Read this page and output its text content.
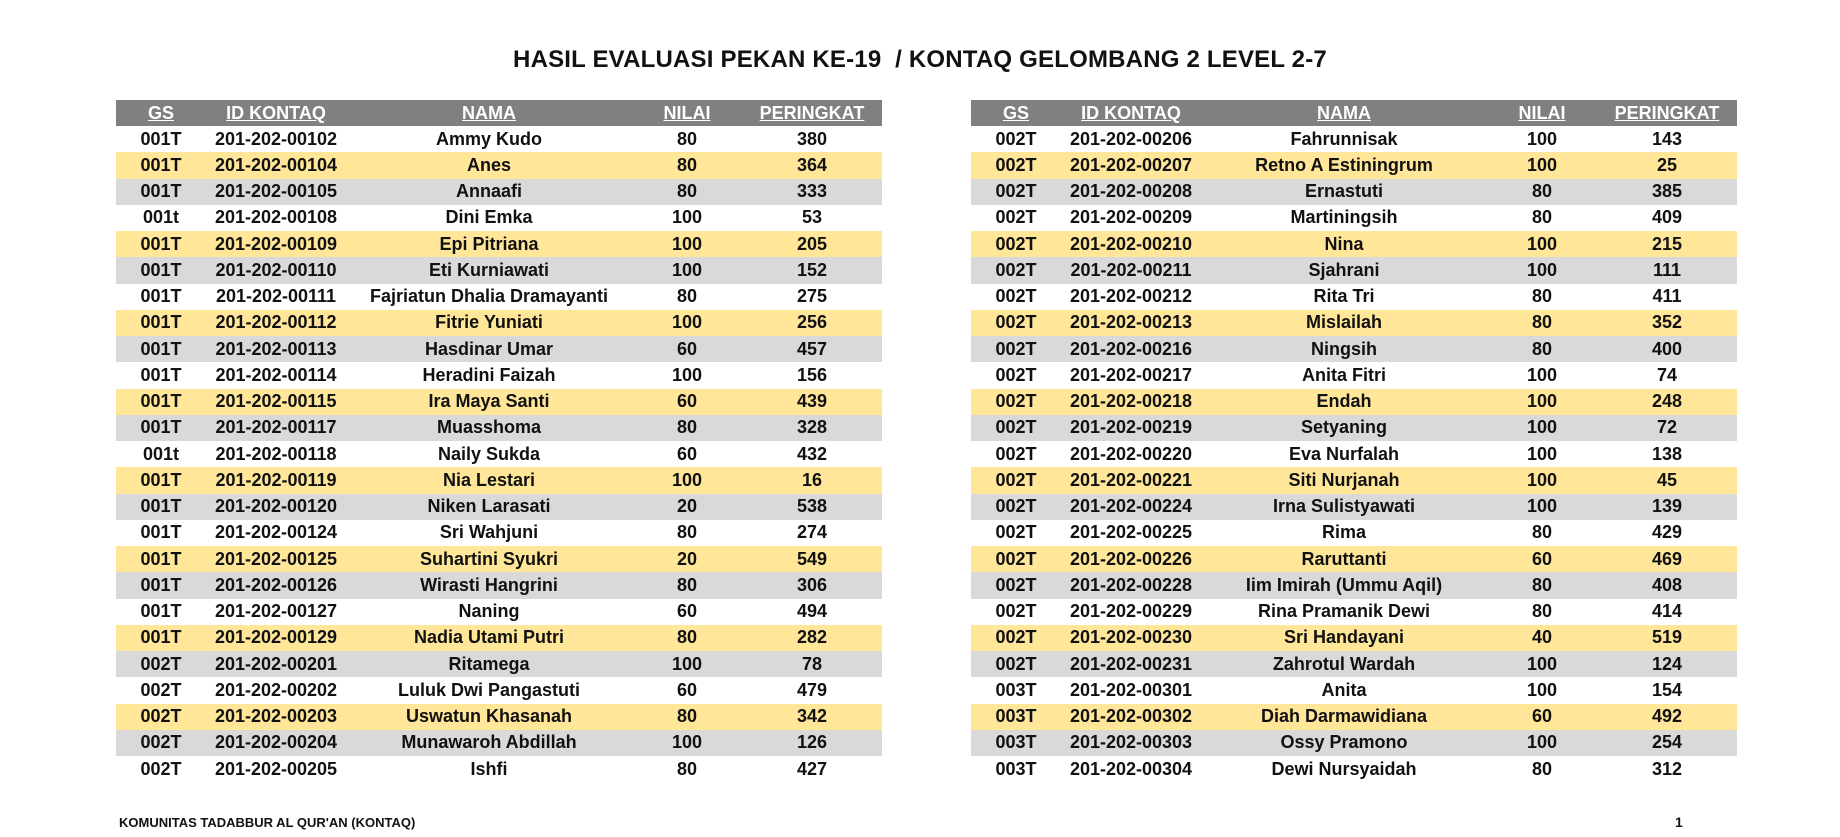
HASIL EVALUASI PEKAN KE-19  / KONTAQ GELOMBANG 2 LEVEL 2-7
GS	ID KONTAQ	NAMA	NILAI	PERINGKAT
001T	201-202-00102	Ammy Kudo	80	380
001T	201-202-00104	Anes	80	364
001T	201-202-00105	Annaafi	80	333
001t	201-202-00108	Dini Emka	100	53
001T	201-202-00109	Epi Pitriana	100	205
001T	201-202-00110	Eti Kurniawati	100	152
001T	201-202-00111	Fajriatun Dhalia Dramayanti	80	275
001T	201-202-00112	Fitrie Yuniati	100	256
001T	201-202-00113	Hasdinar Umar	60	457
001T	201-202-00114	Heradini Faizah	100	156
001T	201-202-00115	Ira Maya Santi	60	439
001T	201-202-00117	Muasshoma	80	328
001t	201-202-00118	Naily Sukda	60	432
001T	201-202-00119	Nia Lestari	100	16
001T	201-202-00120	Niken Larasati	20	538
001T	201-202-00124	Sri Wahjuni	80	274
001T	201-202-00125	Suhartini Syukri	20	549
001T	201-202-00126	Wirasti Hangrini	80	306
001T	201-202-00127	Naning	60	494
001T	201-202-00129	Nadia Utami Putri	80	282
002T	201-202-00201	Ritamega	100	78
002T	201-202-00202	Luluk Dwi Pangastuti	60	479
002T	201-202-00203	Uswatun Khasanah	80	342
002T	201-202-00204	Munawaroh Abdillah	100	126
002T	201-202-00205	Ishfi	80	427
GS	ID KONTAQ	NAMA	NILAI	PERINGKAT
002T	201-202-00206	Fahrunnisak	100	143
002T	201-202-00207	Retno A Estiningrum	100	25
002T	201-202-00208	Ernastuti	80	385
002T	201-202-00209	Martiningsih	80	409
002T	201-202-00210	Nina	100	215
002T	201-202-00211	Sjahrani	100	111
002T	201-202-00212	Rita Tri	80	411
002T	201-202-00213	Mislailah	80	352
002T	201-202-00216	Ningsih	80	400
002T	201-202-00217	Anita Fitri	100	74
002T	201-202-00218	Endah	100	248
002T	201-202-00219	Setyaning	100	72
002T	201-202-00220	Eva Nurfalah	100	138
002T	201-202-00221	Siti Nurjanah	100	45
002T	201-202-00224	Irna Sulistyawati	100	139
002T	201-202-00225	Rima	80	429
002T	201-202-00226	Raruttanti	60	469
002T	201-202-00228	Iim Imirah (Ummu Aqil)	80	408
002T	201-202-00229	Rina Pramanik Dewi	80	414
002T	201-202-00230	Sri Handayani	40	519
002T	201-202-00231	Zahrotul Wardah	100	124
003T	201-202-00301	Anita	100	154
003T	201-202-00302	Diah Darmawidiana	60	492
003T	201-202-00303	Ossy Pramono	100	254
003T	201-202-00304	Dewi Nursyaidah	80	312
KOMUNITAS TADABBUR AL QUR'AN (KONTAQ)	1
